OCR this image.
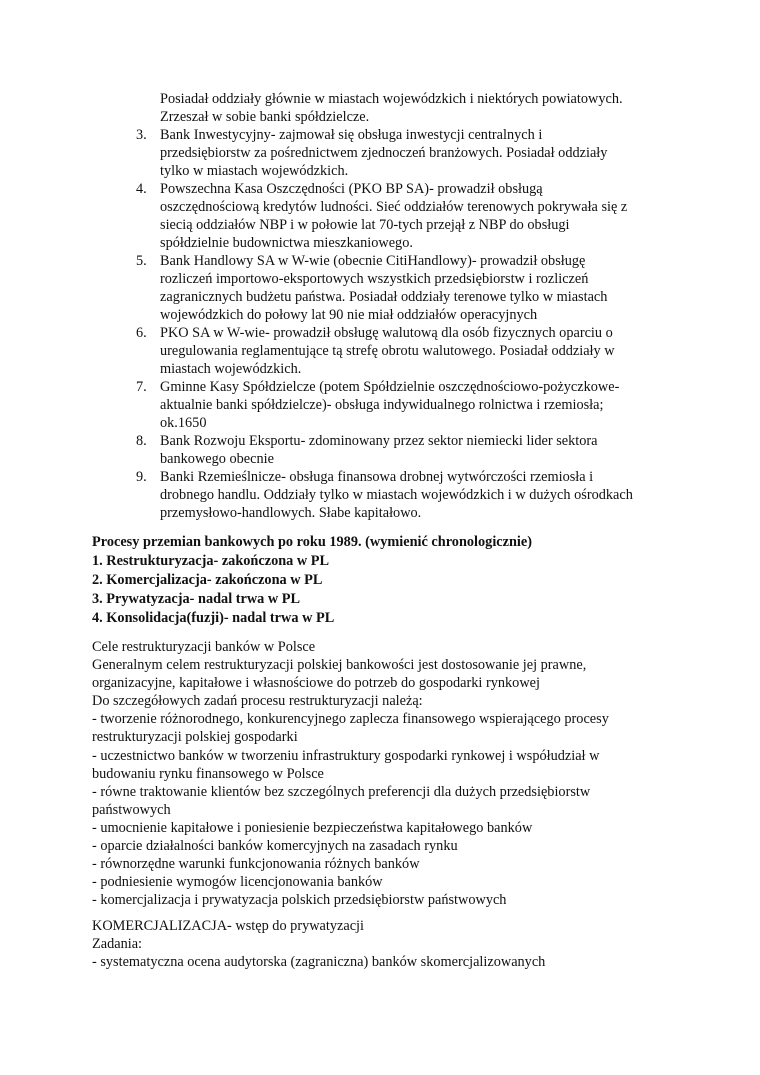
Posiadał oddziały głównie w miastach wojewódzkich i niektórych powiatowych.
Zrzeszał w sobie banki spółdzielcze.
3. Bank Inwestycyjny- zajmował się obsługa inwestycji centralnych i
przedsiębiorstw za pośrednictwem zjednoczeń branżowych. Posiadał oddziały
tylko w miastach wojewódzkich.
4. Powszechna Kasa Oszczędności (PKO BP SA)- prowadził obsługą
oszczędnościową kredytów ludności. Sieć oddziałów terenowych pokrywała się z
siecią oddziałów NBP i w połowie lat 70-tych przejął z NBP do obsługi
spółdzielnie budownictwa mieszkaniowego.
5. Bank Handlowy SA w W-wie (obecnie CitiHandlowy)- prowadził obsługę
rozliczeń importowo-eksportowych wszystkich przedsiębiorstw i rozliczeń
zagranicznych budżetu państwa. Posiadał oddziały terenowe tylko w miastach
wojewódzkich do połowy lat 90 nie miał oddziałów operacyjnych
6. PKO SA w W-wie- prowadził obsługę walutową dla osób fizycznych oparciu o
uregulowania reglamentujące tą strefę obrotu walutowego. Posiadał oddziały w
miastach wojewódzkich.
7. Gminne Kasy Spółdzielcze (potem Spółdzielnie oszczędnościowo-pożyczkowe-
aktualnie banki spółdzielcze)- obsługa indywidualnego rolnictwa i rzemiosła;
ok.1650
8. Bank Rozwoju Eksportu- zdominowany przez sektor niemiecki lider sektora
bankowego obecnie
9. Banki Rzemieślnicze- obsługa finansowa drobnej wytwórczości rzemiosła i
drobnego handlu. Oddziały tylko w miastach wojewódzkich i w dużych ośrodkach
przemysłowo-handlowych. Słabe kapitałowo.
Procesy przemian bankowych po roku 1989. (wymienić chronologicznie)
1. Restrukturyzacja- zakończona w PL
2. Komercjalizacja- zakończona w PL
3. Prywatyzacja- nadal trwa w PL
4. Konsolidacja(fuzji)- nadal trwa w PL
Cele restrukturyzacji banków w Polsce
Generalnym celem restrukturyzacji polskiej bankowości jest dostosowanie jej prawne,
organizacyjne, kapitałowe i własnościowe do potrzeb do gospodarki rynkowej
Do szczegółowych zadań procesu restrukturyzacji należą:
- tworzenie różnorodnego, konkurencyjnego zaplecza finansowego wspierającego procesy
restrukturyzacji polskiej gospodarki
- uczestnictwo banków w tworzeniu infrastruktury gospodarki rynkowej i współudział w
budowaniu rynku finansowego w Polsce
- równe traktowanie klientów bez szczególnych preferencji dla dużych przedsiębiorstw
państwowych
- umocnienie kapitałowe i poniesienie bezpieczeństwa kapitałowego banków
- oparcie działalności banków komercyjnych na zasadach rynku
- równorzędne warunki funkcjonowania różnych banków
- podniesienie wymogów licencjonowania banków
- komercjalizacja i prywatyzacja polskich przedsiębiorstw państwowych
KOMERCJALIZACJA- wstęp do prywatyzacji
Zadania:
- systematyczna ocena audytorska (zagraniczna) banków skomercjalizowanych
